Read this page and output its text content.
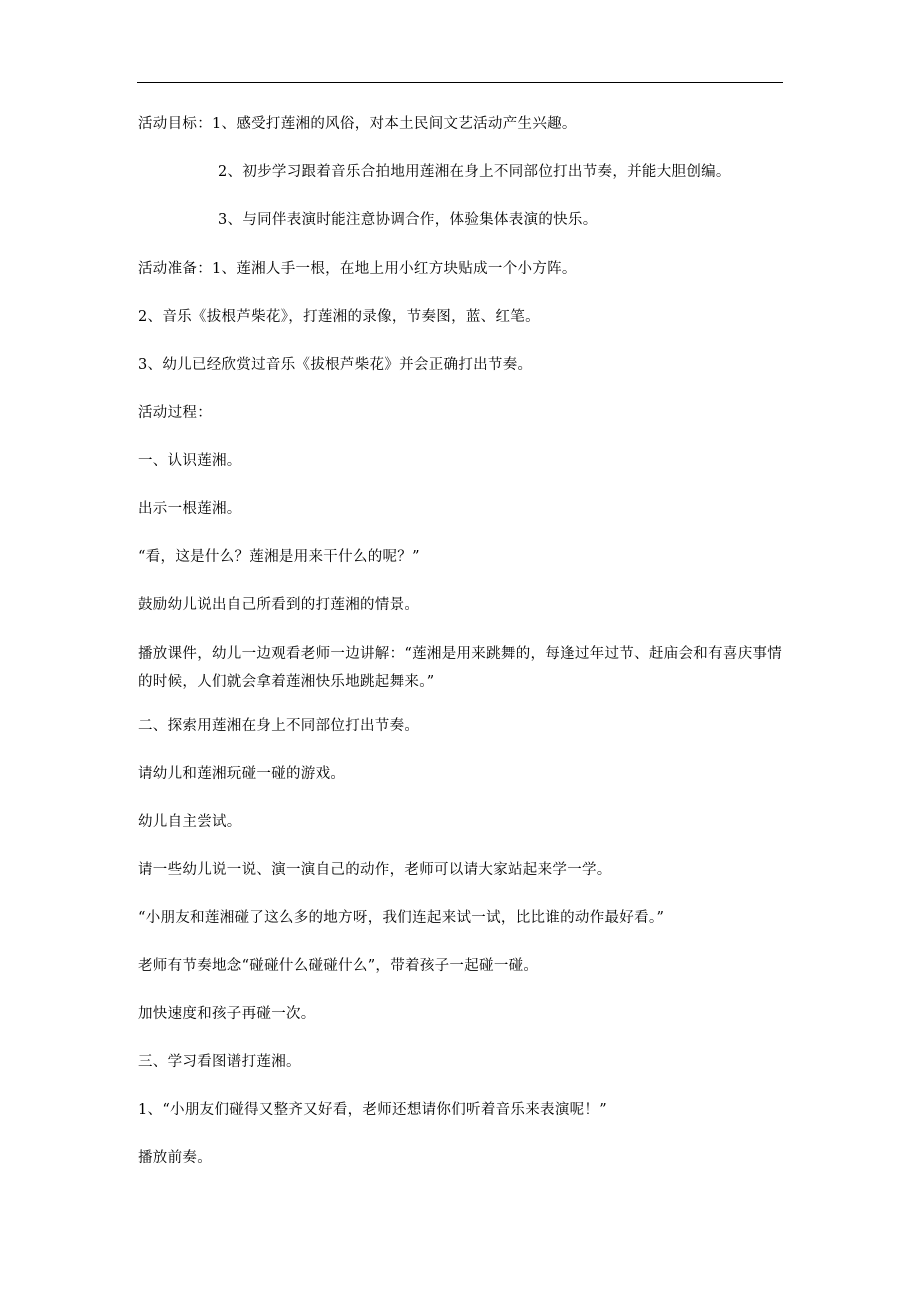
活动目标：1、感受打莲湘的风俗，对本土民间文艺活动产生兴趣。
2、初步学习跟着音乐合拍地用莲湘在身上不同部位打出节奏，并能大胆创编。
3、与同伴表演时能注意协调合作，体验集体表演的快乐。
活动准备：1、莲湘人手一根，在地上用小红方块贴成一个小方阵。
2、音乐《拔根芦柴花》，打莲湘的录像，节奏图，蓝、红笔。
3、幼儿已经欣赏过音乐《拔根芦柴花》并会正确打出节奏。
活动过程：
一、认识莲湘。
出示一根莲湘。
“看，这是什么？莲湘是用来干什么的呢？”
鼓励幼儿说出自己所看到的打莲湘的情景。
播放课件，幼儿一边观看老师一边讲解：“莲湘是用来跳舞的，每逢过年过节、赶庙会和有喜庆事情的时候，人们就会拿着莲湘快乐地跳起舞来。”
二、探索用莲湘在身上不同部位打出节奏。
请幼儿和莲湘玩碰一碰的游戏。
幼儿自主尝试。
请一些幼儿说一说、演一演自己的动作，老师可以请大家站起来学一学。
“小朋友和莲湘碰了这么多的地方呀，我们连起来试一试，比比谁的动作最好看。”
老师有节奏地念“碰碰什么碰碰什么”，带着孩子一起碰一碰。
加快速度和孩子再碰一次。
三、学习看图谱打莲湘。
1、“小朋友们碰得又整齐又好看，老师还想请你们听着音乐来表演呢！”
播放前奏。
